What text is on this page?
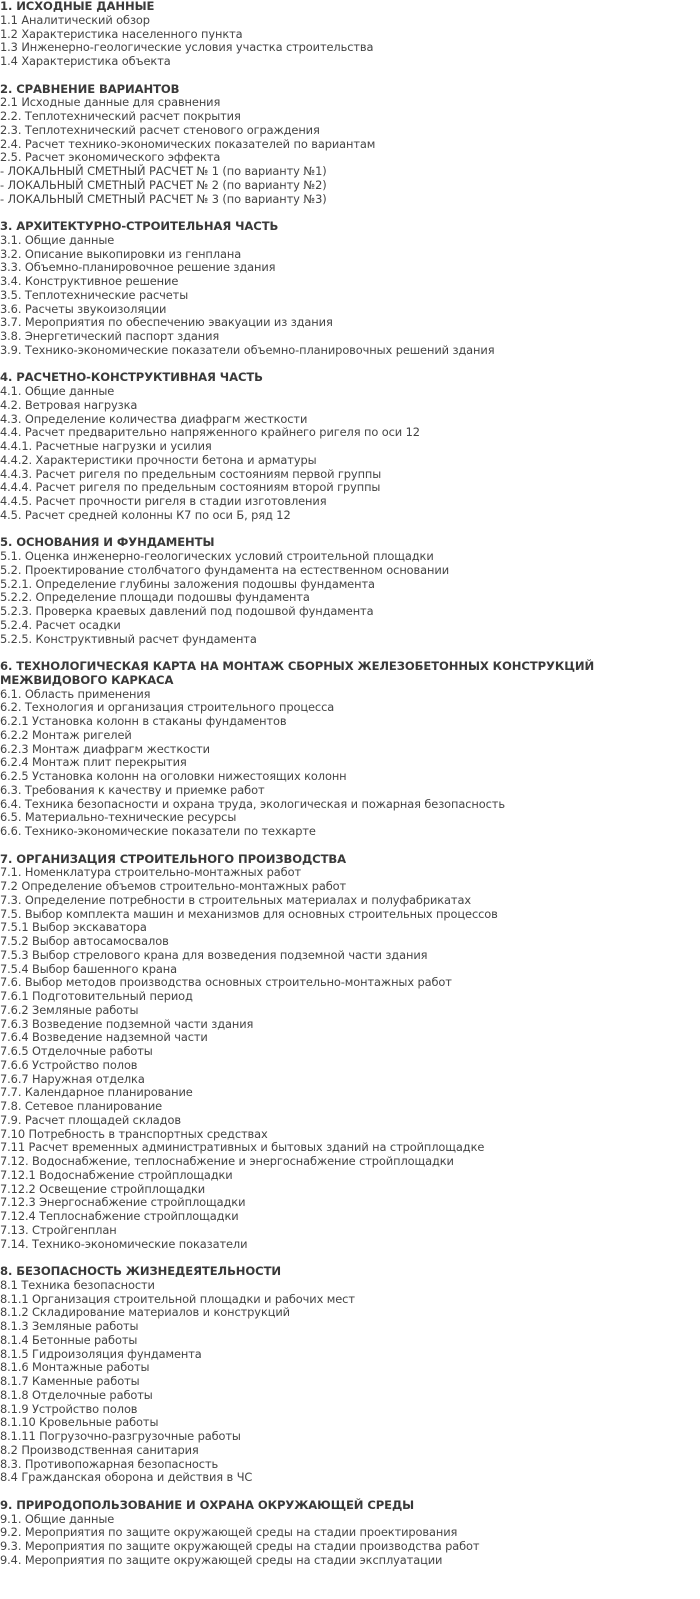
1. ИСХОДНЫЕ ДАННЫЕ
1.1 Аналитический обзор
1.2 Характеристика населенного пункта
1.3 Инженерно-геологические условия участка строительства
1.4 Характеристика объекта
2. СРАВНЕНИЕ ВАРИАНТОВ
2.1 Исходные данные для сравнения
2.2. Теплотехнический расчет покрытия
2.3. Теплотехнический расчет стенового ограждения
2.4. Расчет технико-экономических показателей по вариантам
2.5. Расчет экономического эффекта
- ЛОКАЛЬНЫЙ СМЕТНЫЙ РАСЧЕТ № 1 (по варианту №1)
- ЛОКАЛЬНЫЙ СМЕТНЫЙ РАСЧЕТ № 2 (по варианту №2)
- ЛОКАЛЬНЫЙ СМЕТНЫЙ РАСЧЕТ № 3 (по варианту №3)
3. АРХИТЕКТУРНО-СТРОИТЕЛЬНАЯ ЧАСТЬ
3.1. Общие данные
3.2. Описание выкопировки из генплана
3.3. Объемно-планировочное решение здания
3.4. Конструктивное решение
3.5. Теплотехнические расчеты
3.6. Расчеты звукоизоляции
3.7. Мероприятия по обеспечению эвакуации из здания
3.8. Энергетический паспорт здания
3.9. Технико-экономические показатели объемно-планировочных решений здания
4. РАСЧЕТНО-КОНСТРУКТИВНАЯ ЧАСТЬ
4.1. Общие данные
4.2. Ветровая нагрузка
4.3. Определение количества диафрагм жесткости
4.4. Расчет предварительно напряженного крайнего ригеля по оси 12
4.4.1. Расчетные нагрузки и усилия
4.4.2. Характеристики прочности бетона и арматуры
4.4.3. Расчет ригеля по предельным состояниям первой группы
4.4.4. Расчет ригеля по предельным состояниям второй группы
4.4.5. Расчет прочности ригеля в стадии изготовления
4.5. Расчет средней колонны К7 по оси Б, ряд 12
5. ОСНОВАНИЯ И ФУНДАМЕНТЫ
5.1. Оценка инженерно-геологических условий строительной площадки
5.2. Проектирование столбчатого фундамента на естественном основании
5.2.1. Определение глубины заложения подошвы фундамента
5.2.2. Определение площади подошвы фундамента
5.2.3. Проверка краевых давлений под подошвой фундамента
5.2.4. Расчет осадки
5.2.5. Конструктивный расчет фундамента
6. ТЕХНОЛОГИЧЕСКАЯ КАРТА НА МОНТАЖ СБОРНЫХ ЖЕЛЕЗОБЕТОННЫХ КОНСТРУКЦИЙ МЕЖВИДОВОГО КАРКАСА
6.1. Область применения
6.2. Технология и организация строительного процесса
6.2.1 Установка колонн в стаканы фундаментов
6.2.2 Монтаж ригелей
6.2.3 Монтаж диафрагм жесткости
6.2.4 Монтаж плит перекрытия
6.2.5 Установка колонн на оголовки нижестоящих колонн
6.3. Требования к качеству и приемке работ
6.4. Техника безопасности и охрана труда, экологическая и пожарная безопасность
6.5. Материально-технические ресурсы
6.6. Технико-экономические показатели по техкарте
7. ОРГАНИЗАЦИЯ СТРОИТЕЛЬНОГО ПРОИЗВОДСТВА
7.1. Номенклатура строительно-монтажных работ
7.2 Определение объемов строительно-монтажных работ
7.3. Определение потребности в строительных материалах и полуфабрикатах
7.5. Выбор комплекта машин и механизмов для основных строительных процессов
7.5.1 Выбор экскаватора
7.5.2 Выбор автосамосвалов
7.5.3 Выбор стрелового крана для возведения подземной части здания
7.5.4 Выбор башенного крана
7.6. Выбор методов производства основных строительно-монтажных работ
7.6.1 Подготовительный период
7.6.2 Земляные работы
7.6.3 Возведение подземной части здания
7.6.4 Возведение надземной части
7.6.5 Отделочные работы
7.6.6 Устройство полов
7.6.7 Наружная отделка
7.7. Календарное планирование
7.8. Сетевое планирование
7.9. Расчет площадей складов
7.10 Потребность в транспортных средствах
7.11 Расчет временных административных и бытовых зданий на стройплощадке
7.12. Водоснабжение, теплоснабжение и энергоснабжение стройплощадки
7.12.1 Водоснабжение стройплощадки
7.12.2 Освещение стройплощадки
7.12.3 Энергоснабжение стройплощадки
7.12.4 Теплоснабжение стройплощадки
7.13. Стройгенплан
7.14. Технико-экономические показатели
8. БЕЗОПАСНОСТЬ ЖИЗНЕДЕЯТЕЛЬНОСТИ
8.1 Техника безопасности
8.1.1 Организация строительной площадки и рабочих мест
8.1.2 Складирование материалов и конструкций
8.1.3 Земляные работы
8.1.4 Бетонные работы
8.1.5 Гидроизоляция фундамента
8.1.6 Монтажные работы
8.1.7 Каменные работы
8.1.8 Отделочные работы
8.1.9 Устройство полов
8.1.10 Кровельные работы
8.1.11 Погрузочно-разгрузочные работы
8.2 Производственная санитария
8.3. Противопожарная безопасность
8.4 Гражданская оборона и действия в ЧС
9. ПРИРОДОПОЛЬЗОВАНИЕ И ОХРАНА ОКРУЖАЮЩЕЙ СРЕДЫ
9.1. Общие данные
9.2. Мероприятия по защите окружающей среды на стадии проектирования
9.3. Мероприятия по защите окружающей среды на стадии производства работ
9.4. Мероприятия по защите окружающей среды на стадии эксплуатации
